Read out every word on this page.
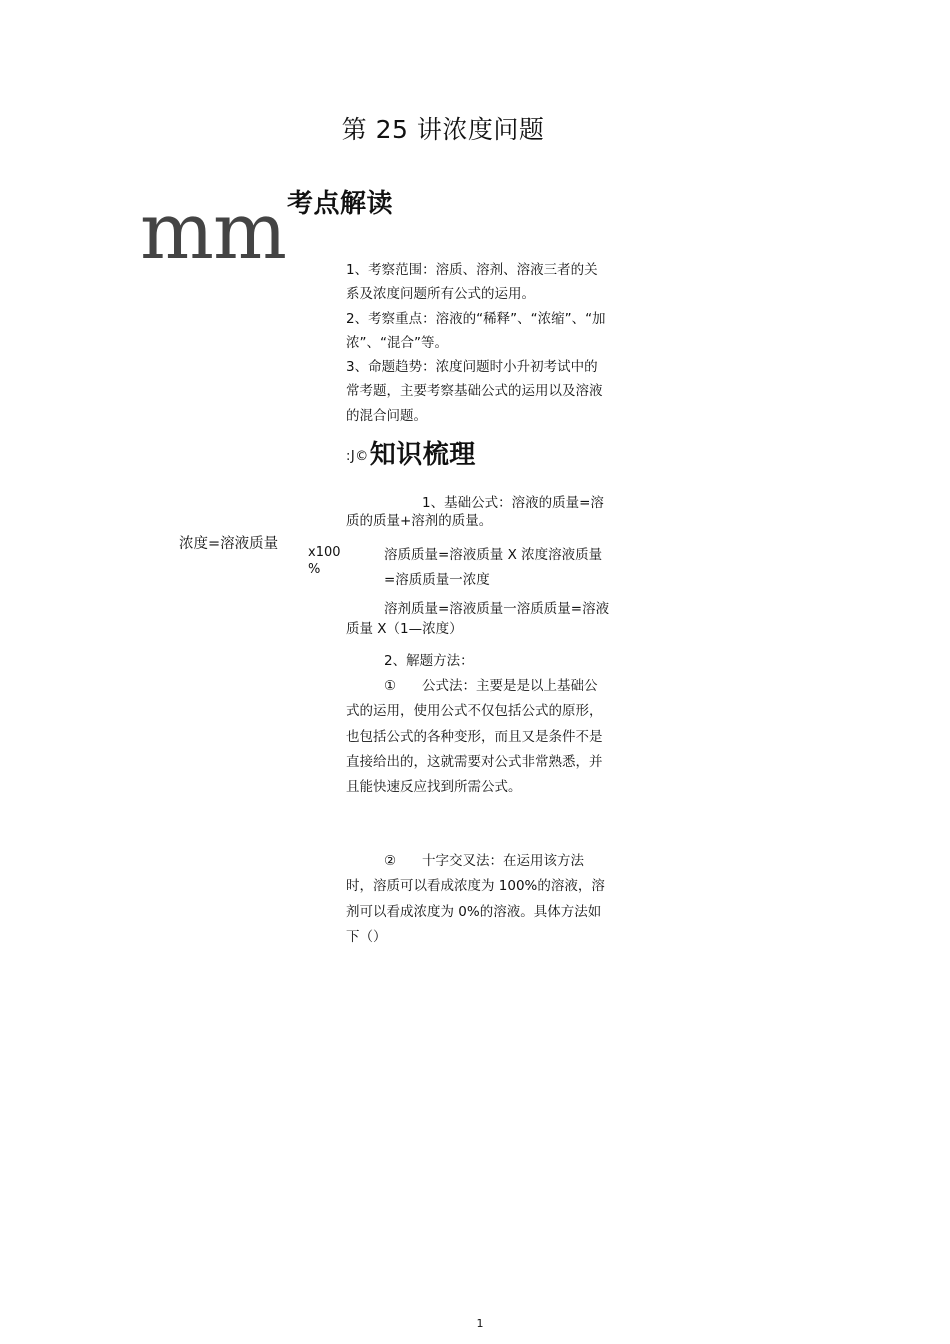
第 25 讲浓度问题
mm 考点解读
1、考察范围：溶质、溶剂、溶液三者的关系及浓度问题所有公式的运用。
2、考察重点：溶液的“稀释”、“浓缩”、“加浓”、“混合”等。
3、命题趋势：浓度问题时小升初考试中的常考题，主要考察基础公式的运用以及溶液的混合问题。
:J©知识梳理
浓度=溶液质量
x100 %
1、基础公式：溶液的质量=溶质的质量+溶剂的质量。
溶质质量=溶液质量 X 浓度溶液质量=溶质质量一浓度
溶剂质量=溶液质量一溶质质量=溶液质量 X（1—浓度）
2、解题方法：
① 公式法：主要是是以上基础公式的运用，使用公式不仅包括公式的原形，也包括公式的各种变形，而且又是条件不是直接给出的，这就需要对公式非常熟悉，并且能快速反应找到所需公式。
② 十字交叉法：在运用该方法时，溶质可以看成浓度为 100%的溶液，溶剂可以看成浓度为 0%的溶液。具体方法如下（）
1
